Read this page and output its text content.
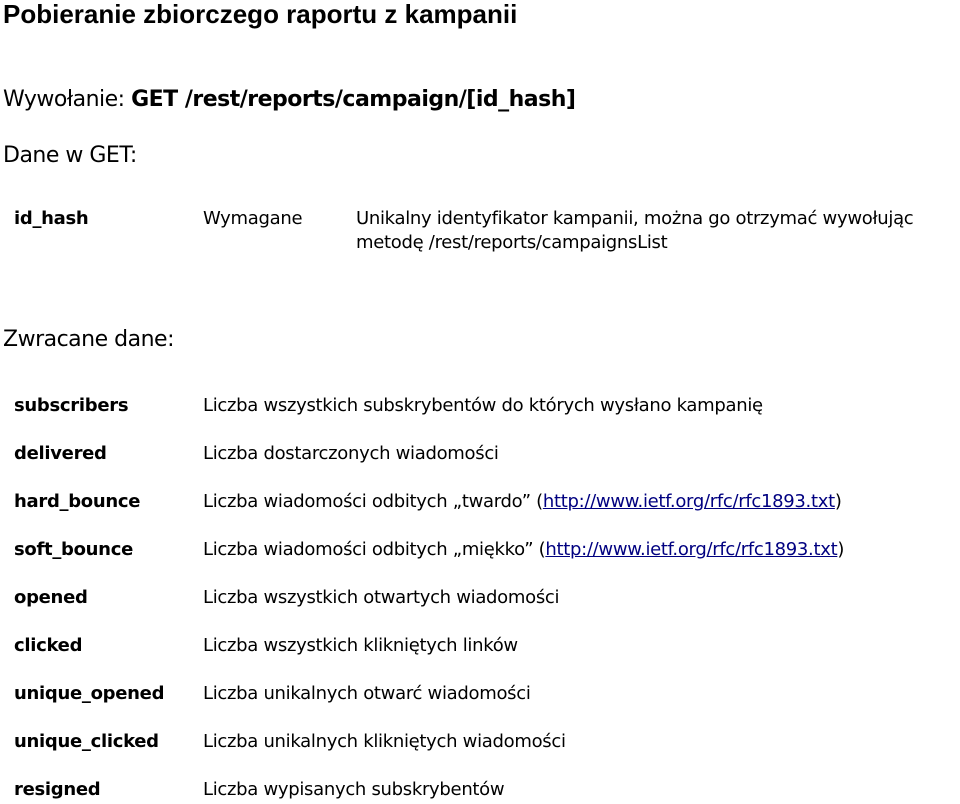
Pobieranie zbiorczego raportu z kampanii
Wywołanie: GET /rest/reports/campaign/[id_hash]
Dane w GET:
id_hash	Wymagane	Unikalny identyfikator kampanii, można go otrzymać wywołując
metodę /rest/reports/campaignsList
Zwracane dane:
subscribers	Liczba wszystkich subskrybentów do których wysłano kampanię
delivered	Liczba dostarczonych wiadomości
hard_bounce	Liczba wiadomości odbitych „twardo” (http://www.ietf.org/rfc/rfc1893.txt)
soft_bounce	Liczba wiadomości odbitych „miękko” (http://www.ietf.org/rfc/rfc1893.txt)
opened	Liczba wszystkich otwartych wiadomości
clicked	Liczba wszystkich klikniętych linków
unique_opened Liczba unikalnych otwarć wiadomości
unique_clicked Liczba unikalnych klikniętych wiadomości
resigned	Liczba wypisanych subskrybentów
